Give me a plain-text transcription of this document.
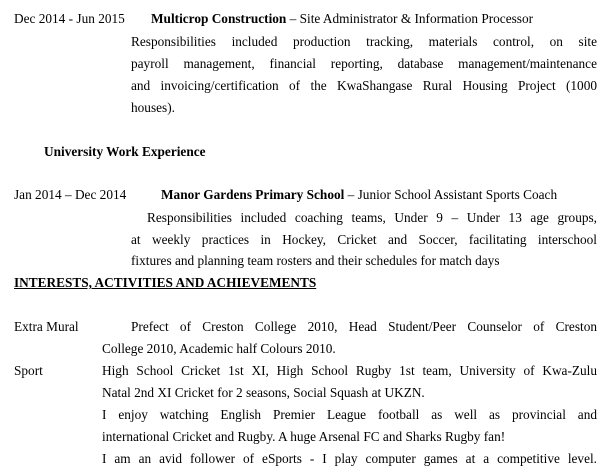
Dec 2014 - Jun 2015 Multicrop Construction – Site Administrator & Information Processor
Responsibilities included production tracking, materials control, on site
payroll management, financial reporting, database management/maintenance
and invoicing/certification of the KwaShangase Rural Housing Project (1000
houses).
University Work Experience
Jan 2014 – Dec 2014	Manor Gardens Primary School – Junior School Assistant Sports Coach
Responsibilities included coaching teams, Under 9 – Under 13 age groups,
at weekly practices in Hockey, Cricket and Soccer, facilitating interschool
fixtures and planning team rosters and their schedules for match days
INTERESTS, ACTIVITIES AND ACHIEVEMENTS
Extra Mural	Prefect of Creston College 2010, Head Student/Peer Counselor of Creston
College 2010, Academic half Colours 2010.
Sport	High School Cricket 1st XI, High School Rugby 1st team, University of Kwa-Zulu
Natal 2nd XI Cricket for 2 seasons, Social Squash at UKZN.
I enjoy watching English Premier League football as well as provincial and
international Cricket and Rugby. A huge Arsenal FC and Sharks Rugby fan!
I am an avid follower of eSports - I play computer games at a competitive level.
